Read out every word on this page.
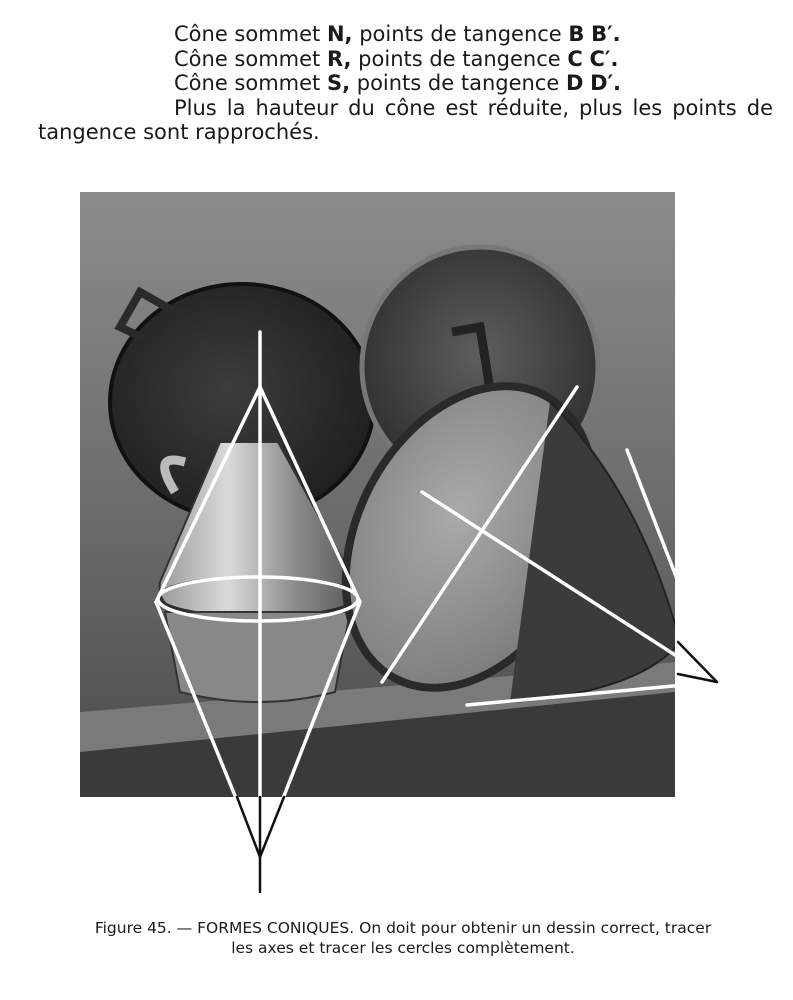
Cône sommet N, points de tangence B B′.
Cône sommet R, points de tangence C C′.
Cône sommet S, points de tangence D D′.
Plus la hauteur du cône est réduite, plus les points de tangence sont rapprochés.
Figure 45. — FORMES CONIQUES. On doit pour obtenir un dessin correct, tracer
les axes et tracer les cercles complètement.
